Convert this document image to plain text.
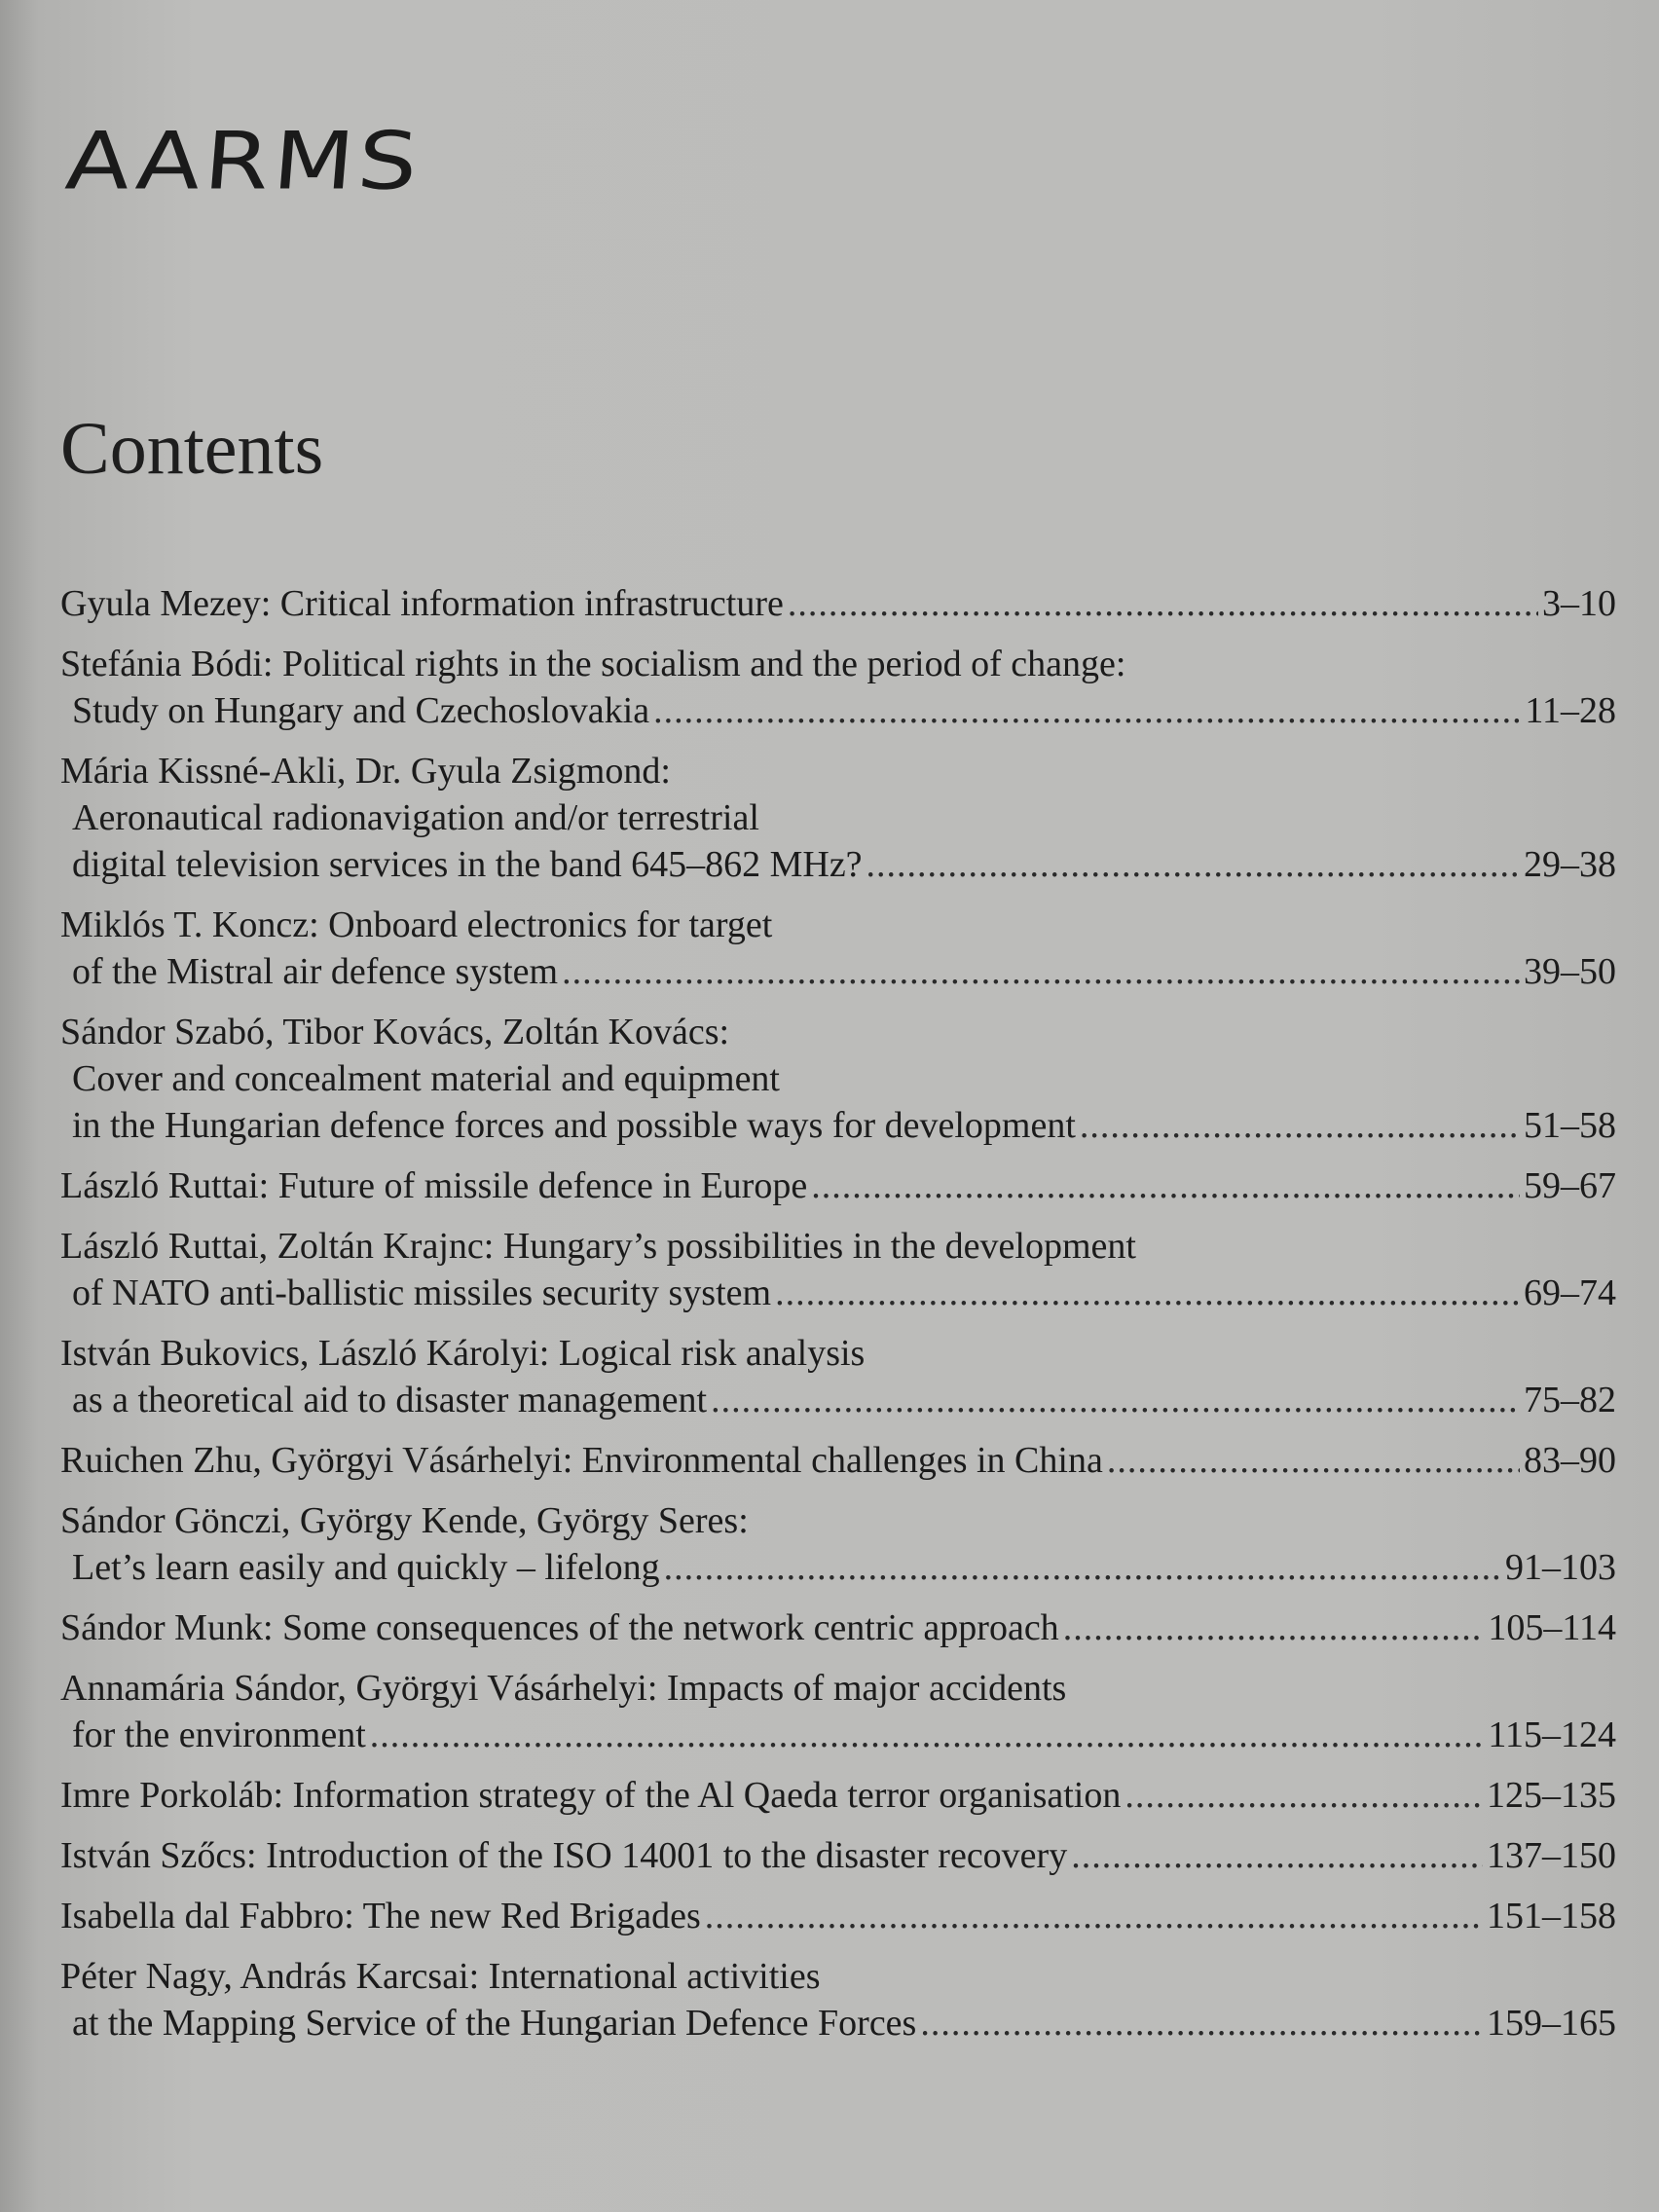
AARMS
Contents
Gyula Mezey: Critical information infrastructure .....	3–10
Stefánia Bódi: Political rights in the socialism and the period of change:
Study on Hungary and Czechoslovakia .....	11–28
Mária Kissné-Akli, Dr. Gyula Zsigmond:
Aeronautical radionavigation and/or terrestrial
digital television services in the band 645–862 MHz? .....	29–38
Miklós T. Koncz: Onboard electronics for target
of the Mistral air defence system .....	39–50
Sándor Szabó, Tibor Kovács, Zoltán Kovács:
Cover and concealment material and equipment
in the Hungarian defence forces and possible ways for development .....	51–58
László Ruttai: Future of missile defence in Europe .....	59–67
László Ruttai, Zoltán Krajnc: Hungary’s possibilities in the development
of NATO anti-ballistic missiles security system .....	69–74
István Bukovics, László Károlyi: Logical risk analysis
as a theoretical aid to disaster management .....	75–82
Ruichen Zhu, Györgyi Vásárhelyi: Environmental challenges in China .....	83–90
Sándor Gönczi, György Kende, György Seres:
Let’s learn easily and quickly – lifelong .....	91–103
Sándor Munk: Some consequences of the network centric approach .....	105–114
Annamária Sándor, Györgyi Vásárhelyi: Impacts of major accidents
for the environment .....	115–124
Imre Porkoláb: Information strategy of the Al Qaeda terror organisation .....	125–135
István Szőcs: Introduction of the ISO 14001 to the disaster recovery .....	137–150
Isabella dal Fabbro: The new Red Brigades .....	151–158
Péter Nagy, András Karcsai: International activities
at the Mapping Service of the Hungarian Defence Forces .....	159–165
